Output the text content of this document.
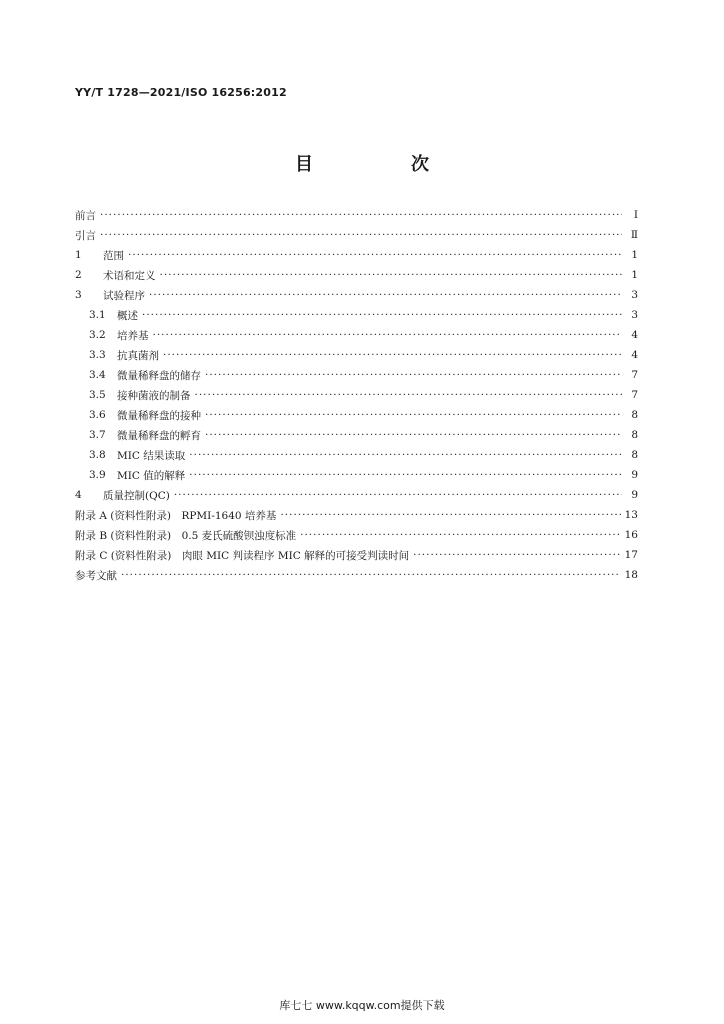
YY/T 1728—2021/ISO 16256:2012
目　次
前言 ·····	Ⅰ
引言 ·····	Ⅱ
1	范围 ·····	1
2	术语和定义 ·····	1
3	试验程序 ·····	3
3.1	概述 ·····	3
3.2	培养基 ·····	4
3.3	抗真菌剂 ·····	4
3.4	微量稀释盘的储存 ·····	7
3.5	接种菌液的制备 ·····	7
3.6	微量稀释盘的接种 ·····	8
3.7	微量稀释盘的孵育 ·····	8
3.8	MIC 结果读取 ·····	8
3.9	MIC 值的解释 ·····	9
4	质量控制(QC) ·····	9
附录 A (资料性附录)　RPMI-1640 培养基 ·····	13
附录 B (资料性附录)　0.5 麦氏硫酸钡浊度标准 ·····	16
附录 C (资料性附录)　肉眼 MIC 判读程序 MIC 解释的可接受判读时间 ·····	17
参考文献 ·····	18
库七七 www.kqqw.com提供下载
